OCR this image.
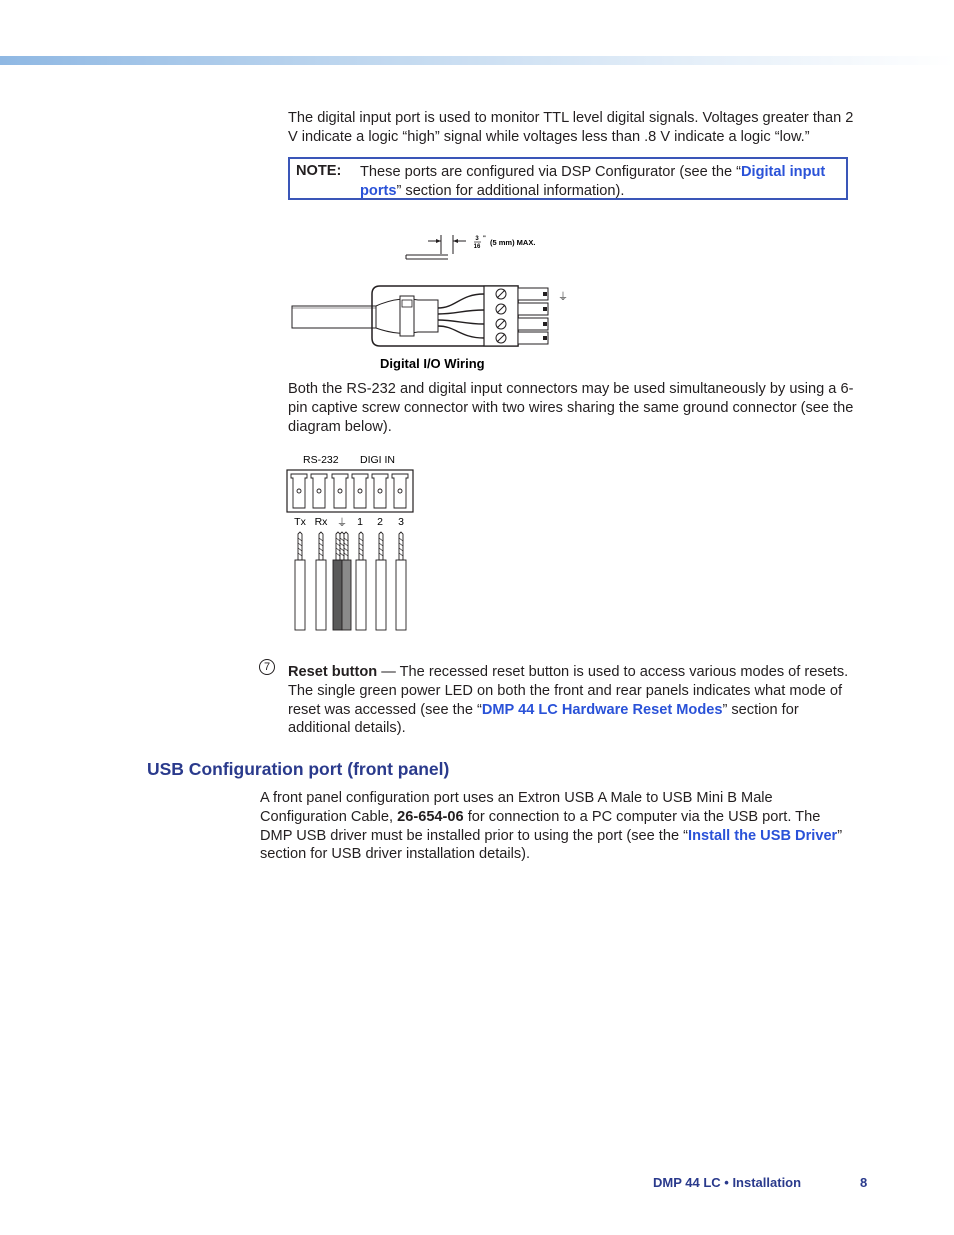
The digital input port is used to monitor TTL level digital signals. Voltages greater than 2 V indicate a logic “high” signal while voltages less than .8 V indicate a logic “low.”

NOTE: These ports are configured via DSP Configurator (see the “Digital input ports” section for additional information).
3
16
" (5 mm) MAX.
⏚
Digital I/O Wiring

Both the RS-232 and digital input connectors may be used simultaneously by using a 6-pin captive screw connector with two wires sharing the same ground connector (see the diagram below).

RS-232 DIGI IN
Tx Rx ⏚ 1 2 3
7	Reset button — The recessed reset button is used to access various modes of resets. The single green power LED on both the front and rear panels indicates what mode of reset was accessed (see the “DMP 44 LC Hardware Reset Modes” section for additional details).

USB Configuration port (front panel)

A front panel configuration port uses an Extron USB A Male to USB Mini B Male Configuration Cable, 26-654-06 for connection to a PC computer via the USB port. The DMP USB driver must be installed prior to using the port (see the “Install the USB Driver” section for USB driver installation details).

DMP 44 LC • Installation	8
